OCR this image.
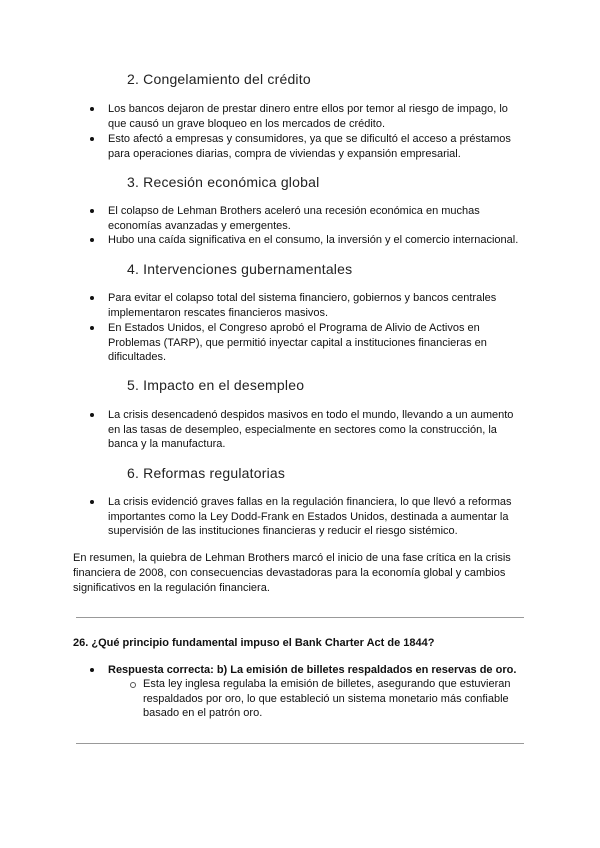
2. Congelamiento del crédito
Los bancos dejaron de prestar dinero entre ellos por temor al riesgo de impago, lo
que causó un grave bloqueo en los mercados de crédito.
Esto afectó a empresas y consumidores, ya que se dificultó el acceso a préstamos
para operaciones diarias, compra de viviendas y expansión empresarial.
3. Recesión económica global
El colapso de Lehman Brothers aceleró una recesión económica en muchas
economías avanzadas y emergentes.
Hubo una caída significativa en el consumo, la inversión y el comercio internacional.
4. Intervenciones gubernamentales
Para evitar el colapso total del sistema financiero, gobiernos y bancos centrales
implementaron rescates financieros masivos.
En Estados Unidos, el Congreso aprobó el Programa de Alivio de Activos en
Problemas (TARP), que permitió inyectar capital a instituciones financieras en
dificultades.
5. Impacto en el desempleo
La crisis desencadenó despidos masivos en todo el mundo, llevando a un aumento
en las tasas de desempleo, especialmente en sectores como la construcción, la
banca y la manufactura.
6. Reformas regulatorias
La crisis evidenció graves fallas en la regulación financiera, lo que llevó a reformas
importantes como la Ley Dodd-Frank en Estados Unidos, destinada a aumentar la
supervisión de las instituciones financieras y reducir el riesgo sistémico.
En resumen, la quiebra de Lehman Brothers marcó el inicio de una fase crítica en la crisis
financiera de 2008, con consecuencias devastadoras para la economía global y cambios
significativos en la regulación financiera.
26. ¿Qué principio fundamental impuso el Bank Charter Act de 1844?
Respuesta correcta: b) La emisión de billetes respaldados en reservas de oro.
Esta ley inglesa regulaba la emisión de billetes, asegurando que estuvieran
respaldados por oro, lo que estableció un sistema monetario más confiable
basado en el patrón oro.
